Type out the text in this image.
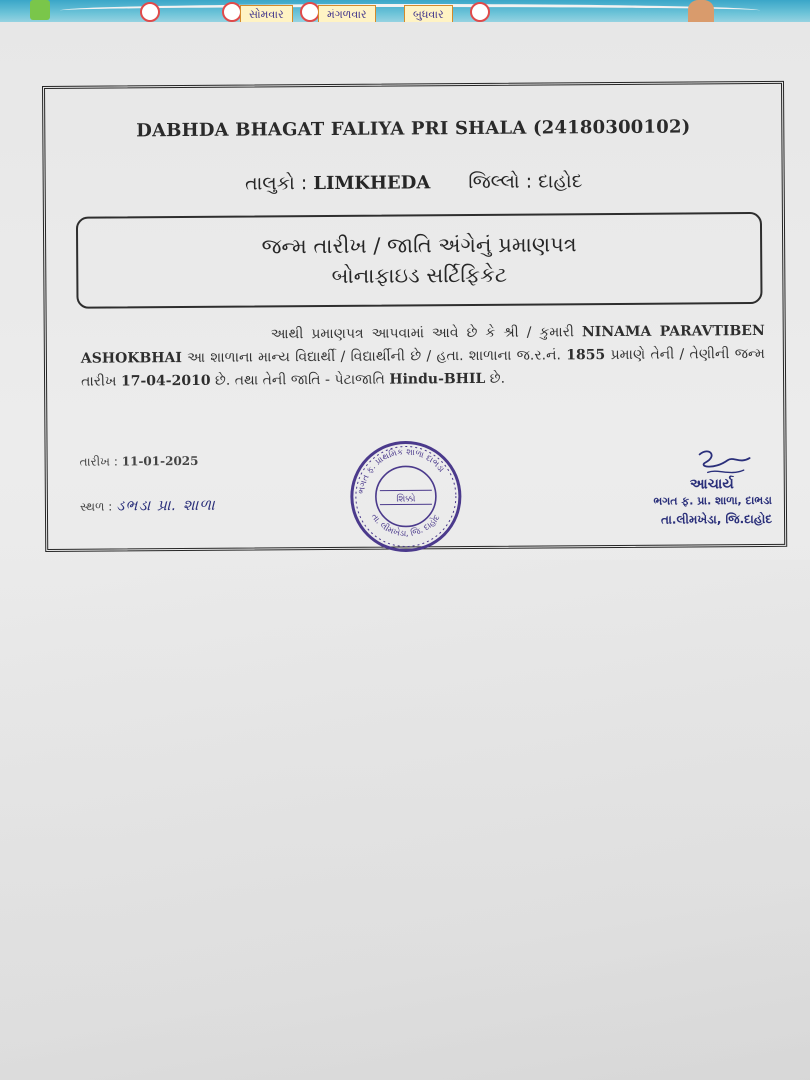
સોમવાર	મંગળવાર	બુધવાર
DABHDA BHAGAT FALIYA PRI SHALA (24180300102)
તાલુકો : LIMKHEDA જિલ્લો : દાહોદ
જન્મ તારીખ / જાતિ અંગેનું પ્રમાણપત્ર
બોનાફાઇડ સર્ટિફિકેટ
આથી પ્રમાણપત્ર આપવામાં આવે છે કે શ્રી / કુમારી NINAMA PARAVTIBEN ASHOKBHAI આ શાળાના માન્ય વિદ્યાર્થી / વિદ્યાર્થીની છે / હતા. શાળાના જ.ર.નં. 1855 પ્રમાણે તેની / તેણીની જન્મ તારીખ 17-04-2010 છે. તથા તેની જાતિ - પેટાજાતિ Hindu-BHIL છે.
તારીખ : 11-01-2025
સ્થળ : ડભડા પ્રા. શાળા
ભગત ફ. પ્રાથમિક શાળા દાભડા
તા. લીમખેડા, જિ. દાહોદ
શિક્કો
આચાર્ય
ભગત ફ. પ્રા. શાળા, દાભડા
તા.લીમખેડા, જિ.દાહોદ
